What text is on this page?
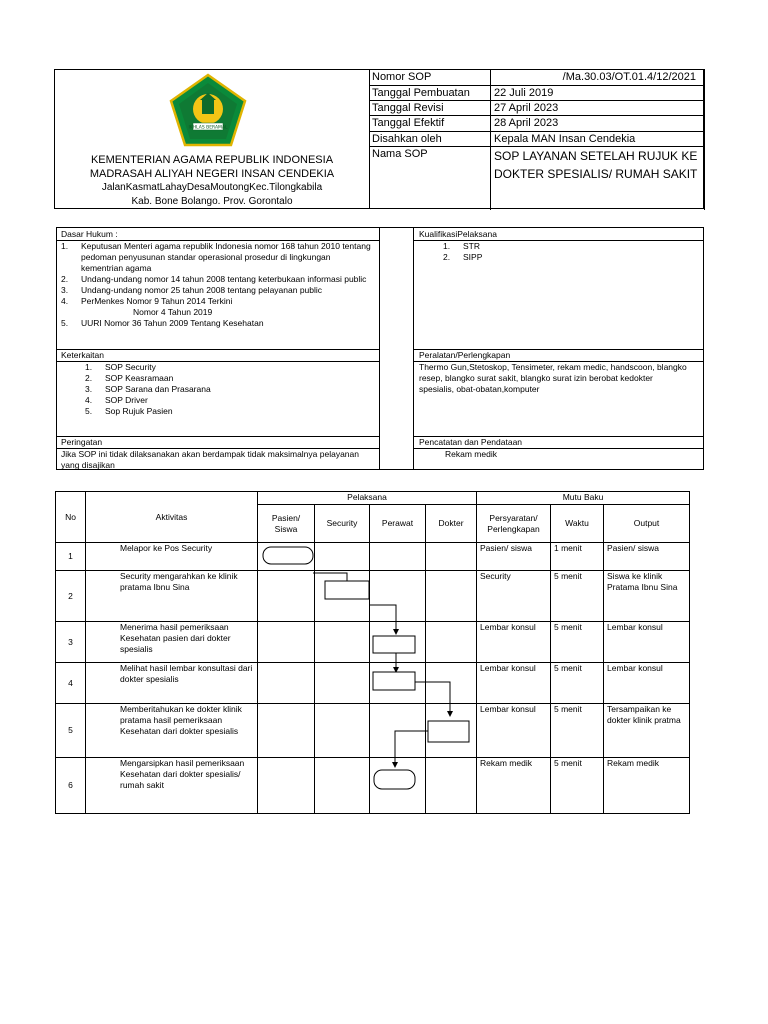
IKHLAS BERAMAL
KEMENTERIAN AGAMA REPUBLIK INDONESIA
MADRASAH ALIYAH NEGERI INSAN CENDEKIA
JalanKasmatLahayDesaMoutongKec.Tilongkabila
Kab. Bone Bolango. Prov. Gorontalo
Nomor SOP	/Ma.30.03/OT.01.4/12/2021
Tanggal Pembuatan	22 Juli 2019
Tanggal Revisi	27 April 2023
Tanggal Efektif	28 April 2023
Disahkan oleh	Kepala MAN Insan Cendekia
Nama SOP	SOP LAYANAN SETELAH RUJUK KE DOKTER SPESIALIS/ RUMAH SAKIT
Dasar Hukum :
1.	Keputusan Menteri agama republik Indonesia nomor 168 tahun 2010 tentang pedoman penyusunan standar operasional prosedur di lingkungan kementrian agama
2.	Undang-undang nomor 14 tahun 2008 tentang keterbukaan informasi public
3.	Undang-undang nomor 25 tahun 2008 tentang pelayanan public
4.	PerMenkes Nomor 9 Tahun 2014 Terkini
Nomor 4 Tahun 2019
5.	UURI Nomor 36 Tahun 2009 Tentang Kesehatan
KualifikasiPelaksana
1. STR
2. SIPP
Keterkaitan
1. SOP Security
2. SOP Keasramaan
3. SOP Sarana dan Prasarana
4. SOP Driver
5. Sop Rujuk Pasien
Peralatan/Perlengkapan
Thermo Gun,Stetoskop, Tensimeter, rekam medic, handscoon, blangko resep, blangko surat sakit, blangko surat izin berobat kedokter spesialis, obat-obatan,komputer
Peringatan
Jika SOP ini tidak dilaksanakan akan berdampak tidak maksimalnya pelayanan yang disajikan
Pencatatan dan Pendataan
Rekam medik
No	Aktivitas	Pelaksana				Mutu Baku		
		Pasien/ Siswa	Security	Perawat	Dokter	Persyaratan/ Perlengkapan	Waktu	Output
1	Melapor ke Pos Security					Pasien/ siswa	1 menit	Pasien/ siswa
2	Security mengarahkan ke klinik pratama Ibnu Sina					Security	5 menit	Siswa ke klinik Pratama Ibnu Sina
3	Menerima hasil pemeriksaan Kesehatan pasien dari dokter spesialis					Lembar konsul	5 menit	Lembar konsul
4	Melihat hasil lembar konsultasi dari dokter spesialis					Lembar konsul	5 menit	Lembar konsul
5	Memberitahukan ke dokter klinik pratama hasil pemeriksaan Kesehatan dari dokter spesialis					Lembar konsul	5 menit	Tersampaikan ke dokter klinik pratma
6	Mengarsipkan hasil pemeriksaan Kesehatan dari dokter spesialis/ rumah sakit					Rekam medik	5 menit	Rekam medik
